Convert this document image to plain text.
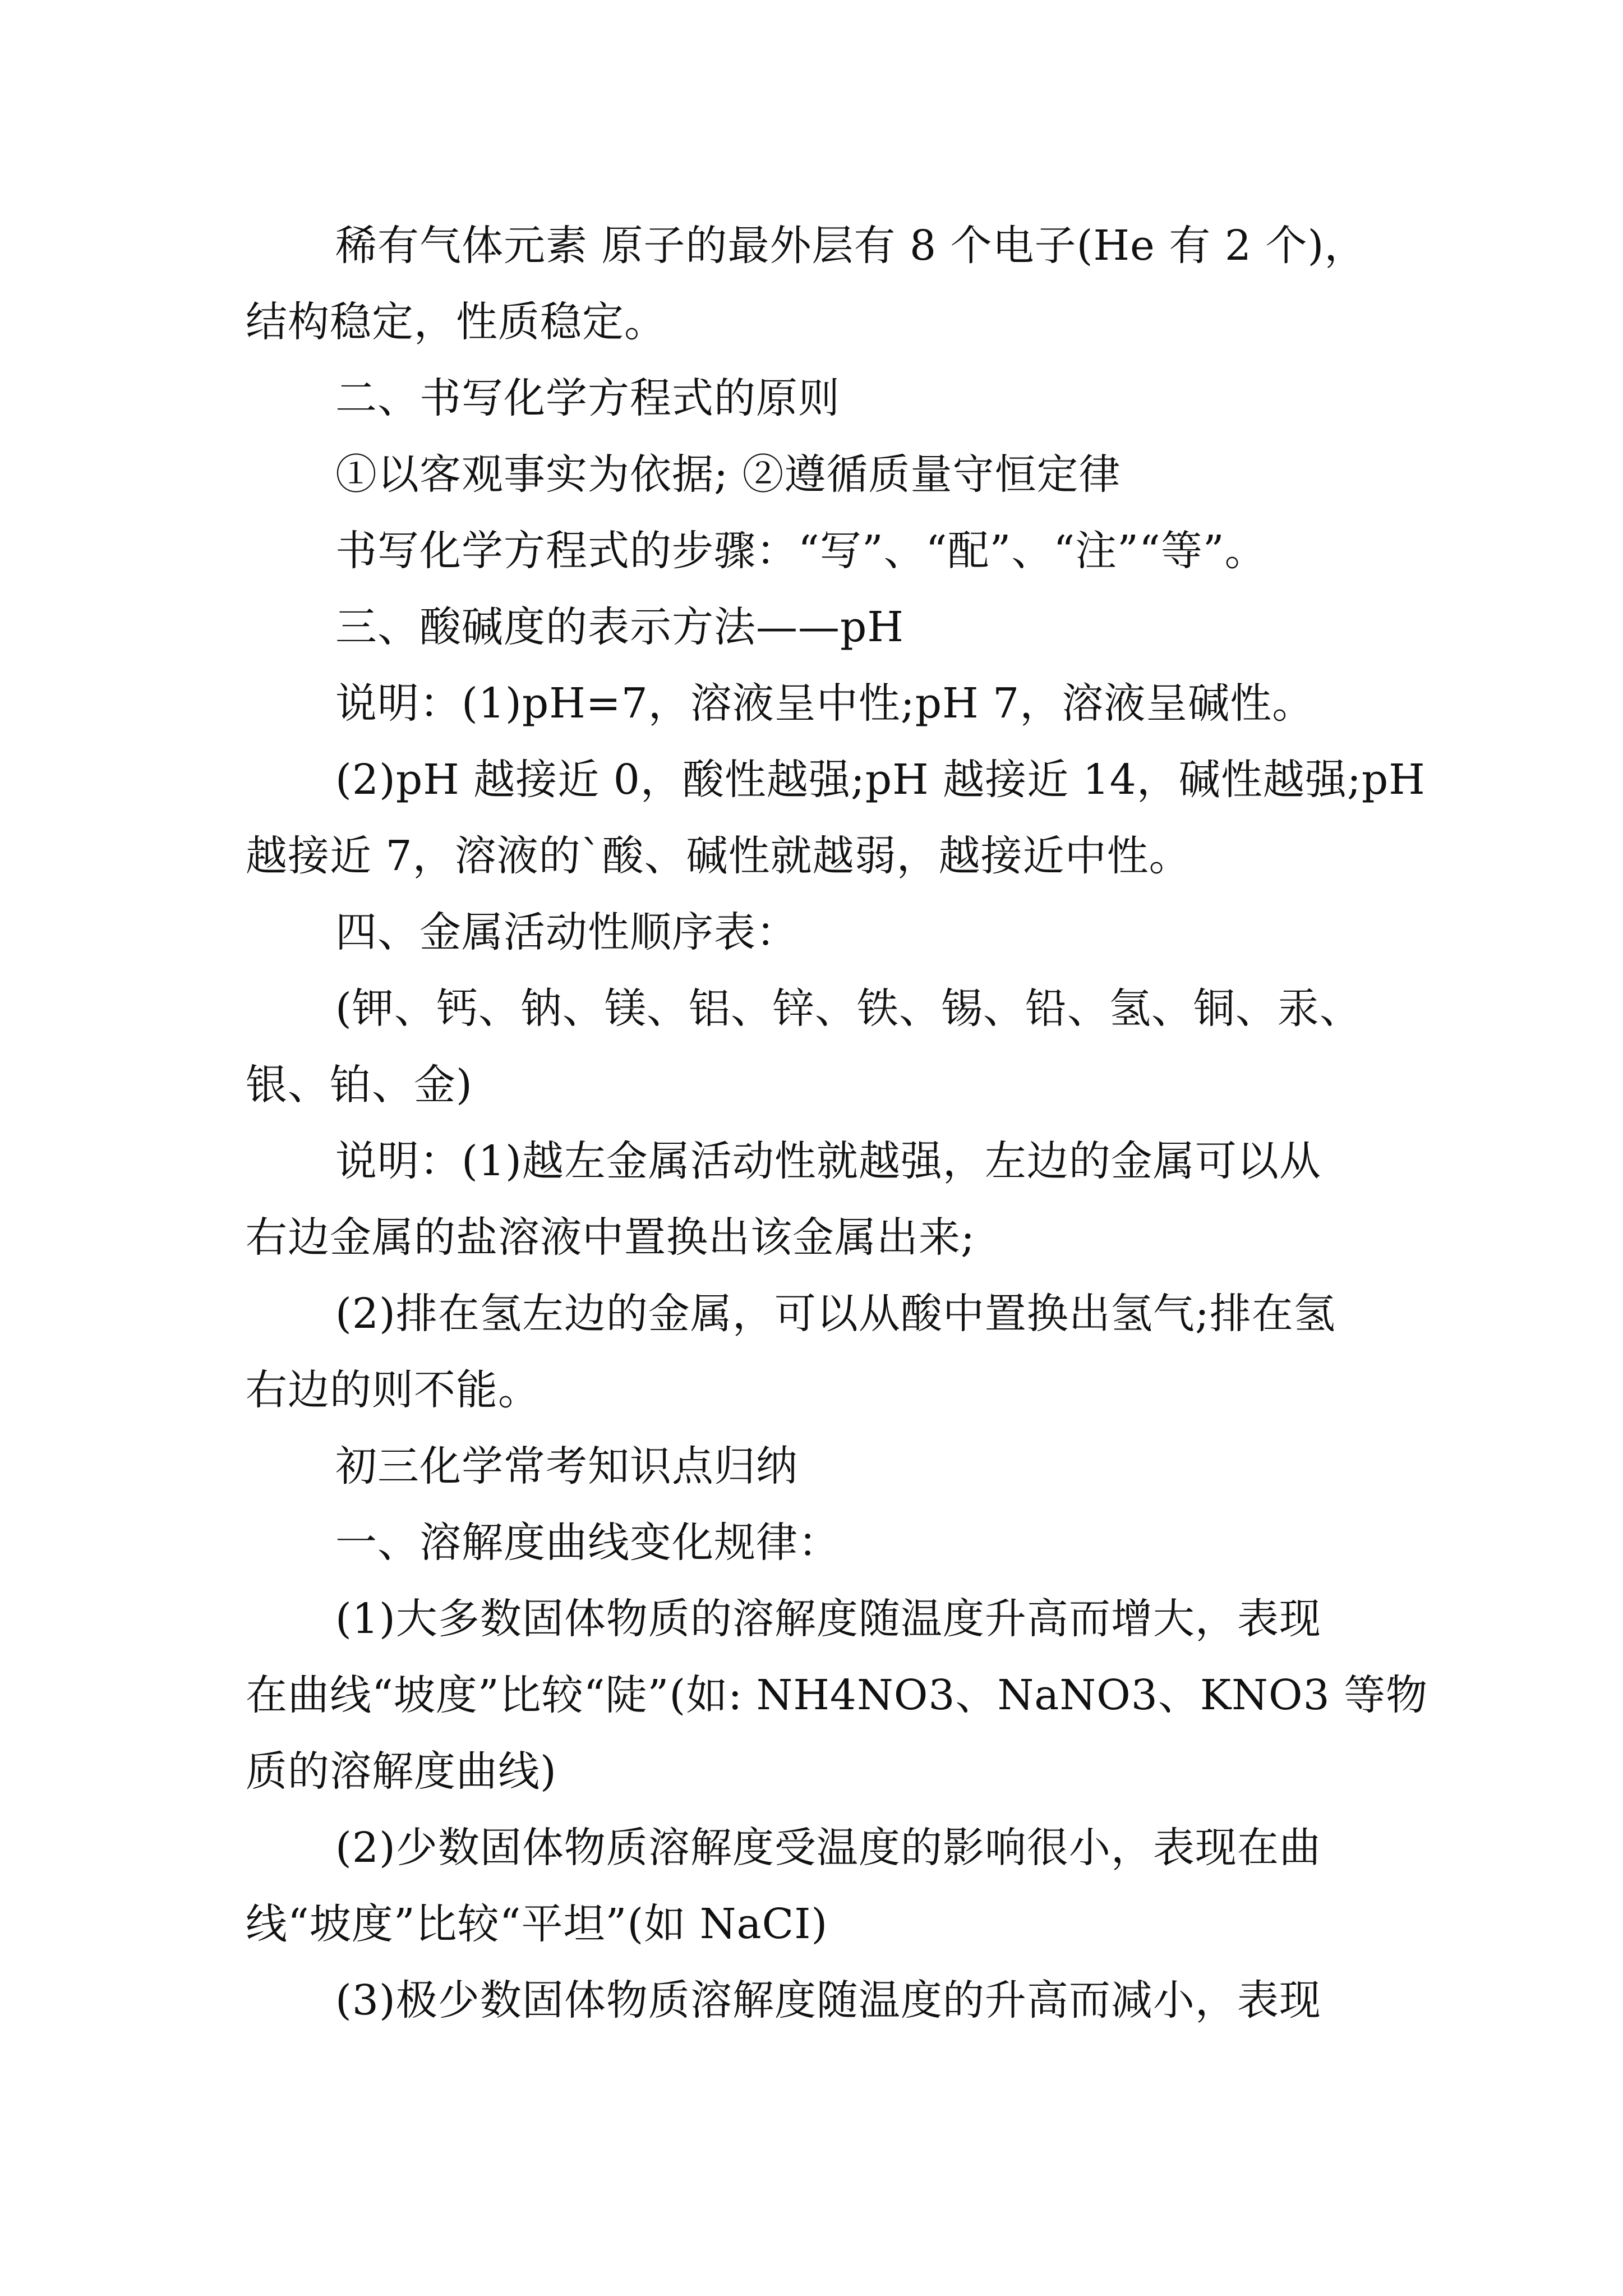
稀有气体元素 原子的最外层有 8 个电子(He 有 2 个)，
结构稳定，性质稳定。
二、书写化学方程式的原则
①以客观事实为依据; ②遵循质量守恒定律
书写化学方程式的步骤：“写”、“配”、“注”“等”。
三、酸碱度的表示方法——pH
说明：(1)pH=7，溶液呈中性;pH 7，溶液呈碱性。
(2)pH 越接近 0，酸性越强;pH 越接近 14，碱性越强;pH
越接近 7，溶液的`酸、碱性就越弱，越接近中性。
四、金属活动性顺序表：
(钾、钙、钠、镁、铝、锌、铁、锡、铅、氢、铜、汞、
银、铂、金)
说明：(1)越左金属活动性就越强，左边的金属可以从
右边金属的盐溶液中置换出该金属出来;
(2)排在氢左边的金属，可以从酸中置换出氢气;排在氢
右边的则不能。
初三化学常考知识点归纳
一、溶解度曲线变化规律：
(1)大多数固体物质的溶解度随温度升高而增大，表现
在曲线“坡度”比较“陡”(如: NH4NO3、NaNO3、KNO3 等物
质的溶解度曲线)
(2)少数固体物质溶解度受温度的影响很小，表现在曲
线“坡度”比较“平坦”(如 NaCI)
(3)极少数固体物质溶解度随温度的升高而减小，表现
